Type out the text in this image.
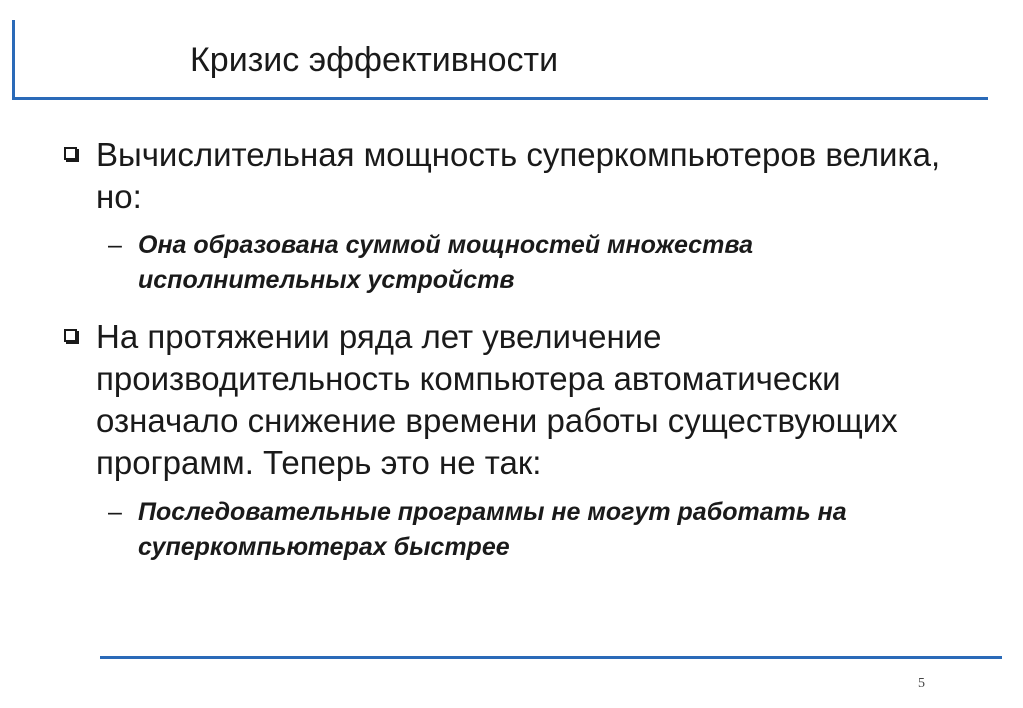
Кризис эффективности
Вычислительная мощность суперкомпьютеров велика, но:
– Она образована суммой мощностей множества исполнительных устройств
На протяжении ряда лет увеличение производительность компьютера автоматически означало снижение времени работы существующих программ. Теперь это не так:
– Последовательные программы не могут работать на суперкомпьютерах быстрее
5
